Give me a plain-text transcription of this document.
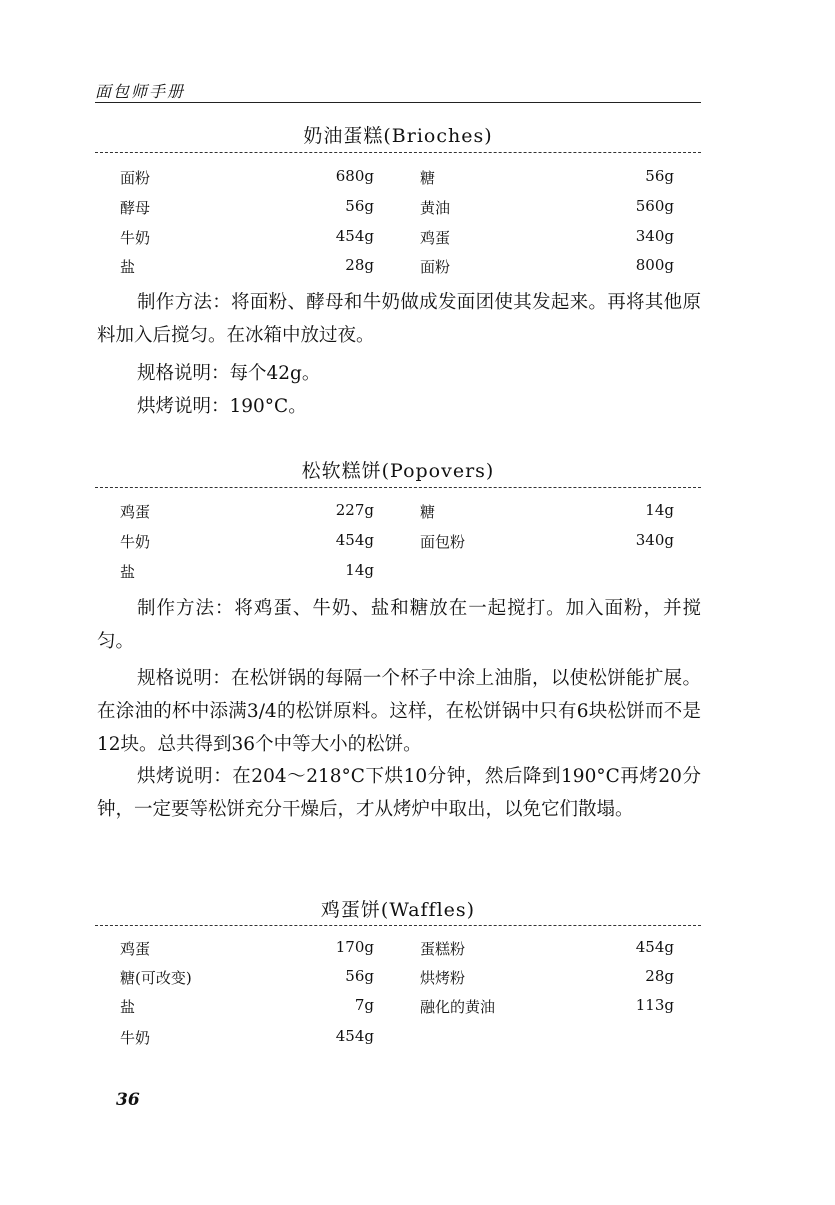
面包师手册
奶油蛋糕(Brioches)
面粉	680g	糖	56g
酵母	56g	黄油	560g
牛奶	454g	鸡蛋	340g
盐	28g	面粉	800g
制作方法：将面粉、酵母和牛奶做成发面团使其发起来。再将其他原料加入后搅匀。在冰箱中放过夜。
规格说明：每个42g。
烘烤说明：190°C。
松软糕饼(Popovers)
鸡蛋	227g	糖	14g
牛奶	454g	面包粉	340g
盐	14g
制作方法：将鸡蛋、牛奶、盐和糖放在一起搅打。加入面粉，并搅匀。
规格说明：在松饼锅的每隔一个杯子中涂上油脂，以使松饼能扩展。在涂油的杯中添满3/4的松饼原料。这样，在松饼锅中只有6块松饼而不是12块。总共得到36个中等大小的松饼。
烘烤说明：在204～218°C下烘10分钟，然后降到190°C再烤20分钟，一定要等松饼充分干燥后，才从烤炉中取出，以免它们散塌。
鸡蛋饼(Waffles)
鸡蛋	170g	蛋糕粉	454g
糖(可改变)	56g	烘烤粉	28g
盐	7g	融化的黄油	113g
牛奶	454g
36
